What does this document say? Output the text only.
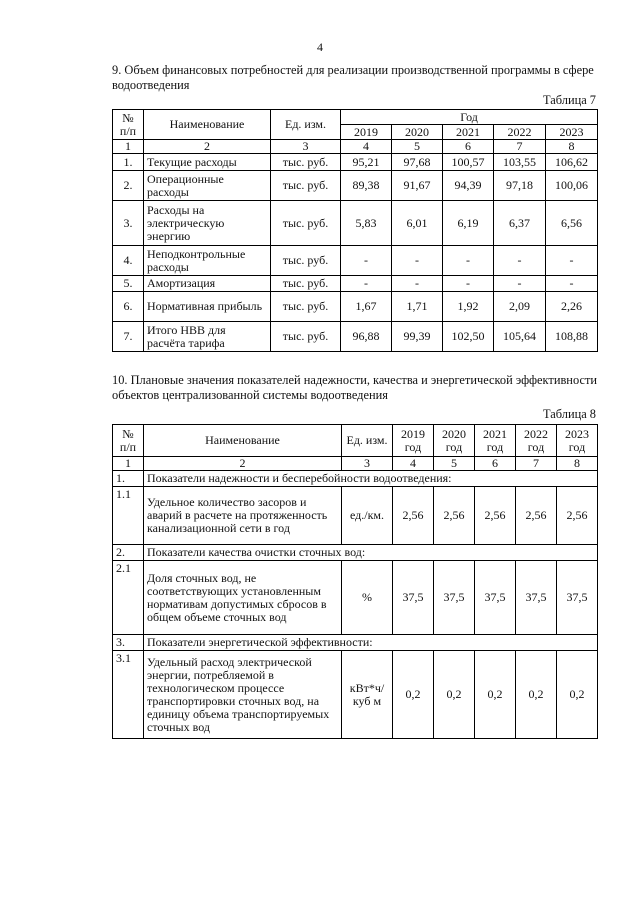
4
9. Объем финансовых потребностей для реализации производственной программы в сфере водоотведения
Таблица 7
№ п/п	Наименование	Ед. изм.	Год				
			2019	2020	2021	2022	2023
1	2	3	4	5	6	7	8
1.	Текущие расходы	тыс. руб.	95,21	97,68	100,57	103,55	106,62
2.	Операционные расходы	тыс. руб.	89,38	91,67	94,39	97,18	100,06
3.	Расходы на электрическую энергию	тыс. руб.	5,83	6,01	6,19	6,37	6,56
4.	Неподконтрольные расходы	тыс. руб.	-	-	-	-	-
5.	Амортизация	тыс. руб.	-	-	-	-	-
6.	Нормативная прибыль	тыс. руб.	1,67	1,71	1,92	2,09	2,26
7.	Итого НВВ для расчёта тарифа	тыс. руб.	96,88	99,39	102,50	105,64	108,88
10. Плановые значения показателей надежности, качества и энергетической эффективности объектов централизованной системы водоотведения
Таблица 8
№ п/п	Наименование	Ед. изм.	2019 год	2020 год	2021 год	2022 год	2023 год
1	2	3	4	5	6	7	8
1.	Показатели надежности и бесперебойности водоотведения:						
1.1	Удельное количество засоров и аварий в расчете на протяженность канализационной сети в год	ед./км.	2,56	2,56	2,56	2,56	2,56
2.	Показатели качества очистки сточных вод:						
2.1	Доля сточных вод, не соответствующих установленным нормативам допустимых сбросов в общем объеме сточных вод	%	37,5	37,5	37,5	37,5	37,5
3.	Показатели энергетической эффективности:						
3.1	Удельный расход электрической энергии, потребляемой в технологическом процессе транспортировки сточных вод, на единицу объема транспортируемых сточных вод	кВт*ч/ куб м	0,2	0,2	0,2	0,2	0,2
